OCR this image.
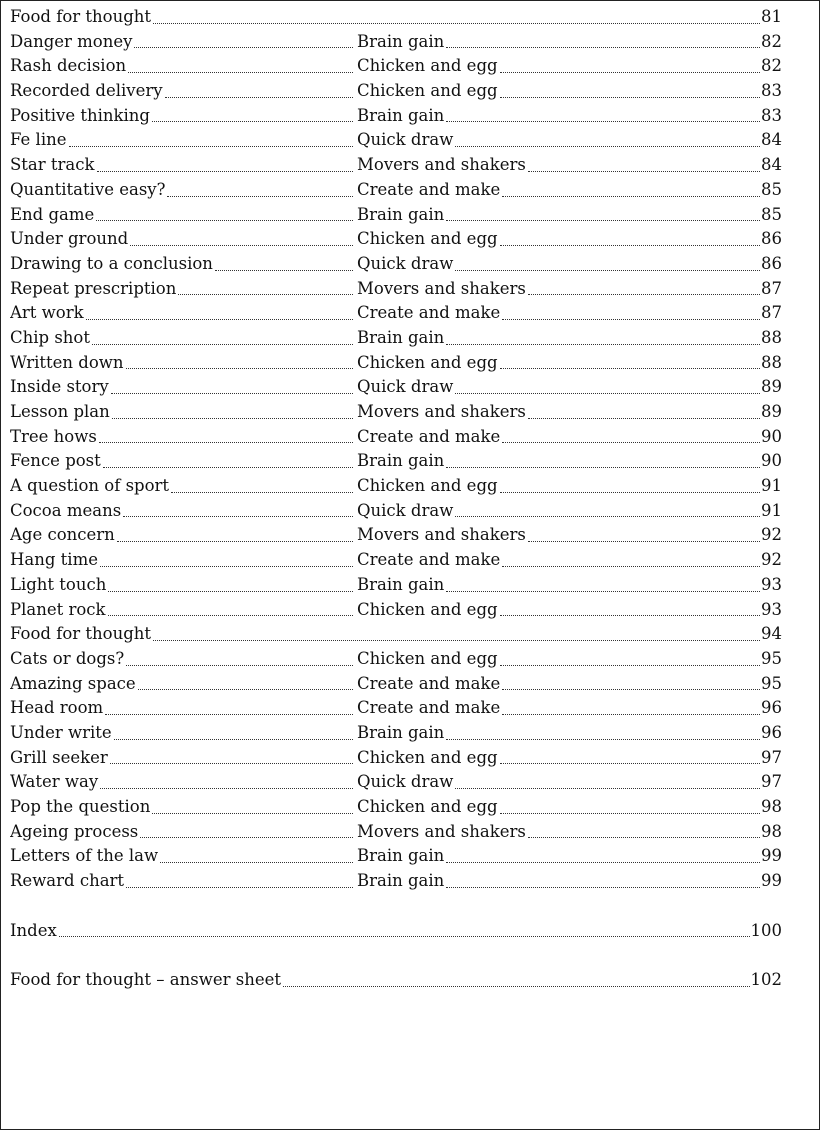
Food for thought	81
Danger money	Brain gain	82
Rash decision	Chicken and egg	82
Recorded delivery	Chicken and egg	83
Positive thinking	Brain gain	83
Fe line	Quick draw	84
Star track	Movers and shakers	84
Quantitative easy?	Create and make	85
End game	Brain gain	85
Under ground	Chicken and egg	86
Drawing to a conclusion	Quick draw	86
Repeat prescription	Movers and shakers	87
Art work	Create and make	87
Chip shot	Brain gain	88
Written down	Chicken and egg	88
Inside story	Quick draw	89
Lesson plan	Movers and shakers	89
Tree hows	Create and make	90
Fence post	Brain gain	90
A question of sport	Chicken and egg	91
Cocoa means	Quick draw	91
Age concern	Movers and shakers	92
Hang time	Create and make	92
Light touch	Brain gain	93
Planet rock	Chicken and egg	93
Food for thought	94
Cats or dogs?	Chicken and egg	95
Amazing space	Create and make	95
Head room	Create and make	96
Under write	Brain gain	96
Grill seeker	Chicken and egg	97
Water way	Quick draw	97
Pop the question	Chicken and egg	98
Ageing process	Movers and shakers	98
Letters of the law	Brain gain	99
Reward chart	Brain gain	99
Index	100
Food for thought – answer sheet	102
